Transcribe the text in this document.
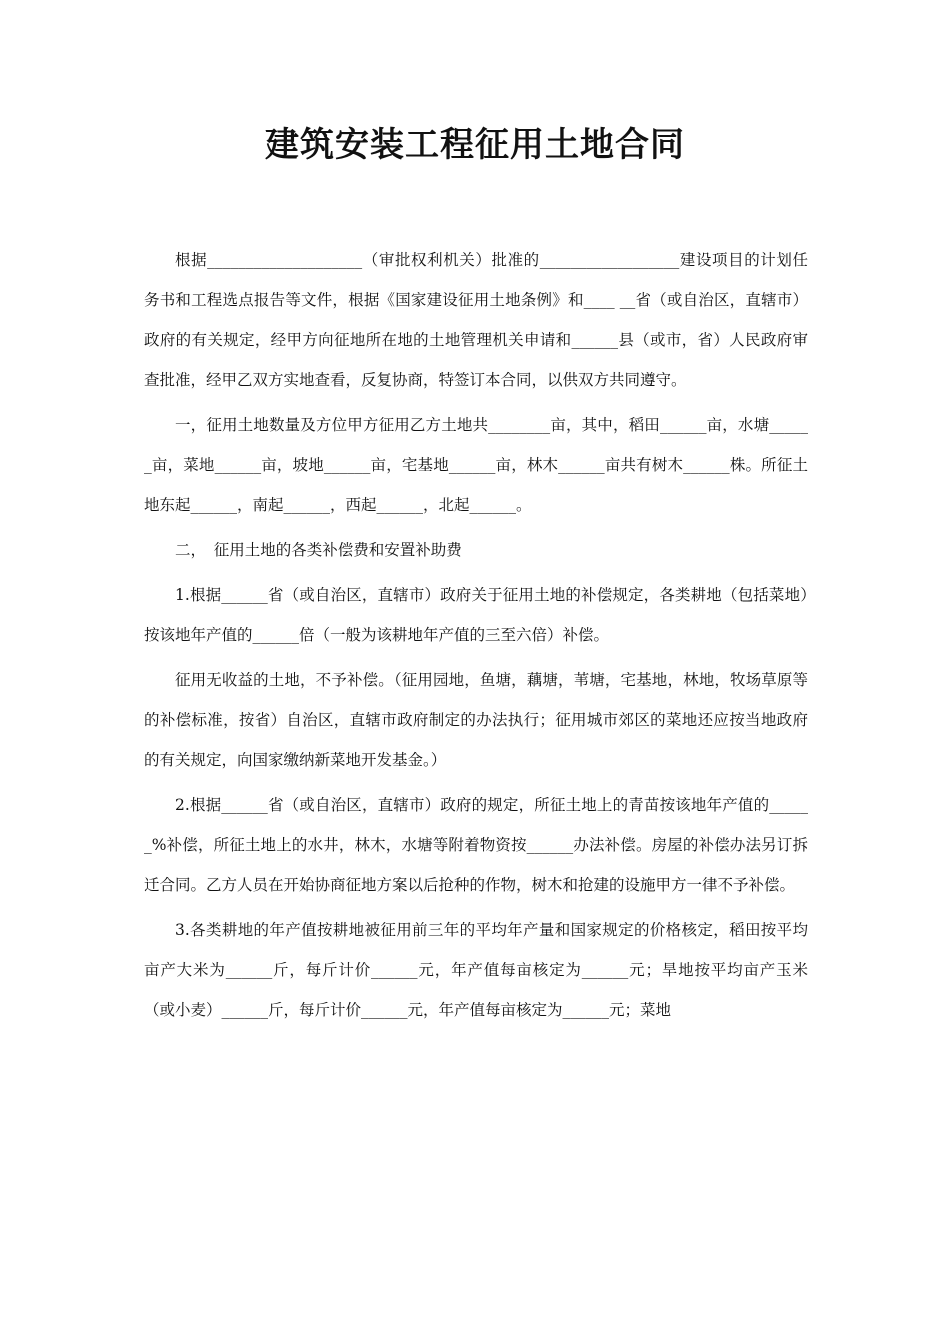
建筑安装工程征用土地合同

根据____________________（审批权利机关）批准的__________________建设项目的计划任务书和工程选点报告等文件，根据《国家建设征用土地条例》和____ __省（或自治区，直辖市）政府的有关规定，经甲方向征地所在地的土地管理机关申请和______县（或市，省）人民政府审查批准，经甲乙双方实地查看，反复协商，特签订本合同，以供双方共同遵守。

一，征用土地数量及方位甲方征用乙方土地共________亩，其中，稻田______亩，水塘______亩，菜地______亩，坡地______亩，宅基地______亩，林木______亩共有树木______株。所征土地东起______，南起______，西起______，北起______。

二，　征用土地的各类补偿费和安置补助费

1.根据______省（或自治区，直辖市）政府关于征用土地的补偿规定，各类耕地（包括菜地）按该地年产值的______倍（一般为该耕地年产值的三至六倍）补偿。

征用无收益的土地，不予补偿。（征用园地，鱼塘，藕塘，苇塘，宅基地，林地，牧场草原等的补偿标准，按省）自治区，直辖市政府制定的办法执行；征用城市郊区的菜地还应按当地政府的有关规定，向国家缴纳新菜地开发基金。）

2.根据______省（或自治区，直辖市）政府的规定，所征土地上的青苗按该地年产值的______%补偿，所征土地上的水井，林木，水塘等附着物资按______办法补偿。房屋的补偿办法另订拆迁合同。乙方人员在开始协商征地方案以后抢种的作物，树木和抢建的设施甲方一律不予补偿。

3.各类耕地的年产值按耕地被征用前三年的平均年产量和国家规定的价格核定，稻田按平均亩产大米为______斤，每斤计价______元，年产值每亩核定为______元；旱地按平均亩产玉米（或小麦）______斤，每斤计价______元，年产值每亩核定为______元；菜地
